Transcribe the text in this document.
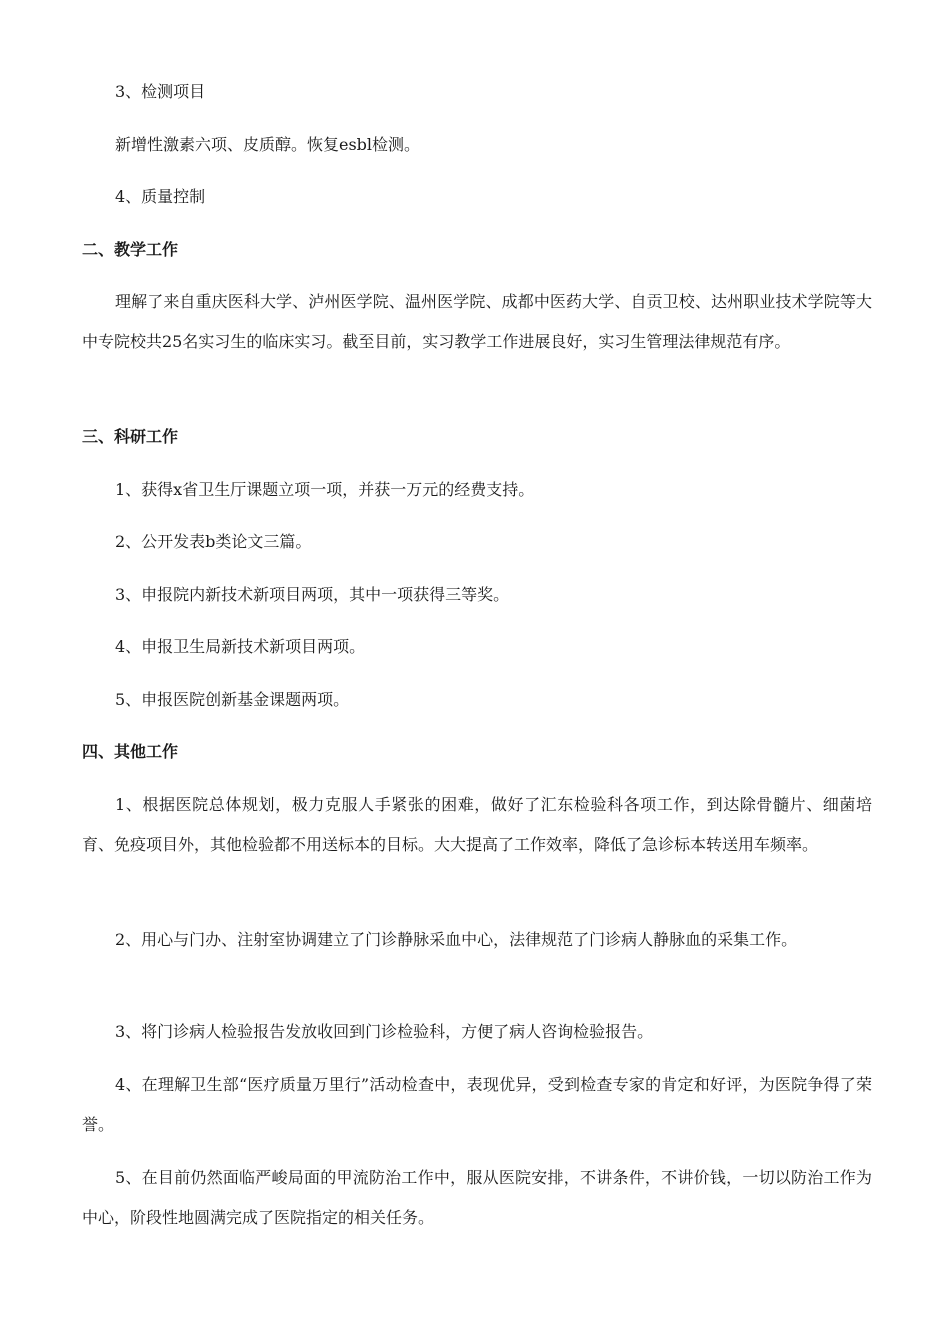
3、检测项目
新增性激素六项、皮质醇。恢复esbl检测。
4、质量控制
二、教学工作
理解了来自重庆医科大学、泸州医学院、温州医学院、成都中医药大学、自贡卫校、达州职业技术学院等大中专院校共25名实习生的临床实习。截至目前，实习教学工作进展良好，实习生管理法律规范有序。
三、科研工作
1、获得x省卫生厅课题立项一项，并获一万元的经费支持。
2、公开发表b类论文三篇。
3、申报院内新技术新项目两项，其中一项获得三等奖。
4、申报卫生局新技术新项目两项。
5、申报医院创新基金课题两项。
四、其他工作
1、根据医院总体规划，极力克服人手紧张的困难，做好了汇东检验科各项工作，到达除骨髓片、细菌培育、免疫项目外，其他检验都不用送标本的目标。大大提高了工作效率，降低了急诊标本转送用车频率。
2、用心与门办、注射室协调建立了门诊静脉采血中心，法律规范了门诊病人静脉血的采集工作。
3、将门诊病人检验报告发放收回到门诊检验科，方便了病人咨询检验报告。
4、在理解卫生部“医疗质量万里行”活动检查中，表现优异，受到检查专家的肯定和好评，为医院争得了荣誉。
5、在目前仍然面临严峻局面的甲流防治工作中，服从医院安排，不讲条件，不讲价钱，一切以防治工作为中心，阶段性地圆满完成了医院指定的相关任务。
